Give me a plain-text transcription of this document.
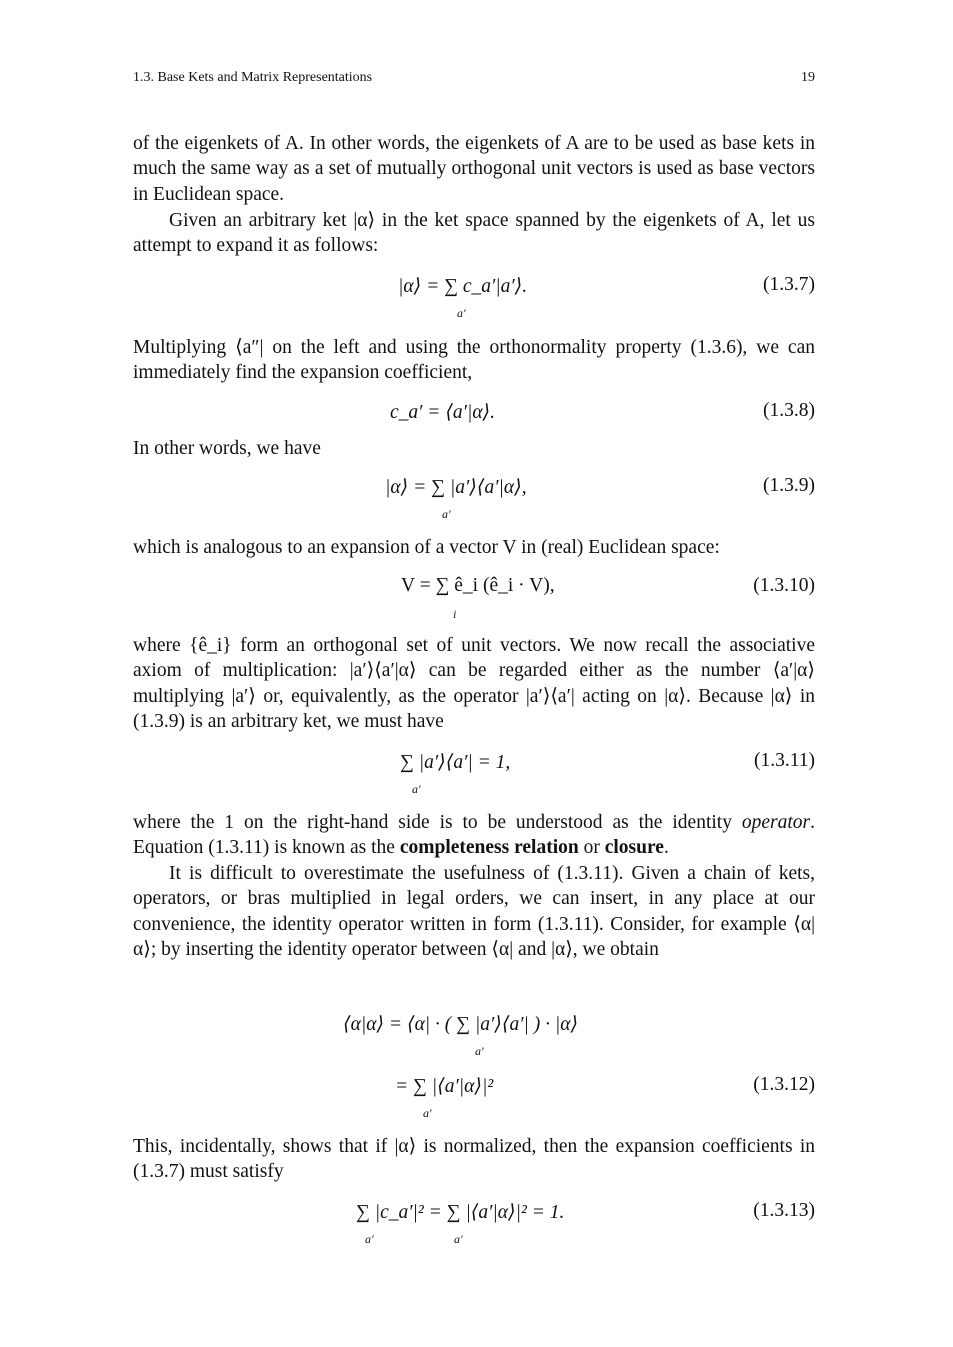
1.3. Base Kets and Matrix Representations	19

of the eigenkets of A. In other words, the eigenkets of A are to be used as base kets in much the same way as a set of mutually orthogonal unit vectors is used as base vectors in Euclidean space.

Given an arbitrary ket |α⟩ in the ket space spanned by the eigenkets of A, let us attempt to expand it as follows:

|α⟩ = ∑ c_a′|a′⟩.
a′
(1.3.7)

Multiplying ⟨a″| on the left and using the orthonormality property (1.3.6), we can immediately find the expansion coefficient,

c_a′ = ⟨a′|α⟩.	(1.3.8)

In other words, we have

|α⟩ = ∑ |a′⟩⟨a′|α⟩,
a′
(1.3.9)

which is analogous to an expansion of a vector V in (real) Euclidean space:

V = ∑ ê_i (ê_i · V),
i
(1.3.10)

where {ê_i} form an orthogonal set of unit vectors. We now recall the associative axiom of multiplication: |a′⟩⟨a′|α⟩ can be regarded either as the number ⟨a′|α⟩ multiplying |a′⟩ or, equivalently, as the operator |a′⟩⟨a′| acting on |α⟩. Because |α⟩ in (1.3.9) is an arbitrary ket, we must have

∑ |a′⟩⟨a′| = 1,
a′
(1.3.11)

where the 1 on the right-hand side is to be understood as the identity operator. Equation (1.3.11) is known as the completeness relation or closure.

It is difficult to overestimate the usefulness of (1.3.11). Given a chain of kets, operators, or bras multiplied in legal orders, we can insert, in any place at our convenience, the identity operator written in form (1.3.11). Consider, for example ⟨α|α⟩; by inserting the identity operator between ⟨α| and |α⟩, we obtain

⟨α|α⟩ = ⟨α| · ( ∑ |a′⟩⟨a′| ) · |α⟩
a′
= ∑ |⟨a′|α⟩|²
a′
(1.3.12)

This, incidentally, shows that if |α⟩ is normalized, then the expansion coefficients in (1.3.7) must satisfy

∑ |c_a′|² = ∑ |⟨a′|α⟩|² = 1.
a′	a′
(1.3.13)
